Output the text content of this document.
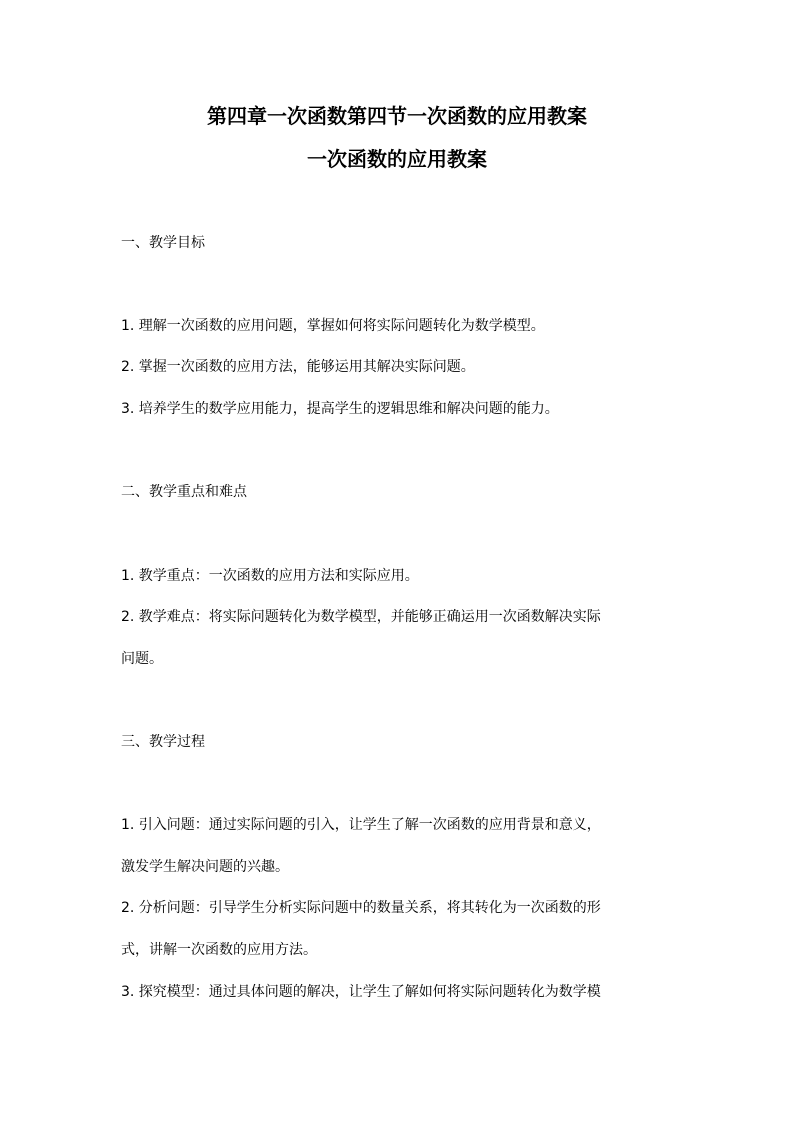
第四章一次函数第四节一次函数的应用教案
一次函数的应用教案
一、教学目标
1. 理解一次函数的应用问题，掌握如何将实际问题转化为数学模型。
2. 掌握一次函数的应用方法，能够运用其解决实际问题。
3. 培养学生的数学应用能力，提高学生的逻辑思维和解决问题的能力。
二、教学重点和难点
1. 教学重点：一次函数的应用方法和实际应用。
2. 教学难点：将实际问题转化为数学模型，并能够正确运用一次函数解决实际
问题。
三、教学过程
1. 引入问题：通过实际问题的引入，让学生了解一次函数的应用背景和意义，
激发学生解决问题的兴趣。
2. 分析问题：引导学生分析实际问题中的数量关系，将其转化为一次函数的形
式，讲解一次函数的应用方法。
3. 探究模型：通过具体问题的解决，让学生了解如何将实际问题转化为数学模
